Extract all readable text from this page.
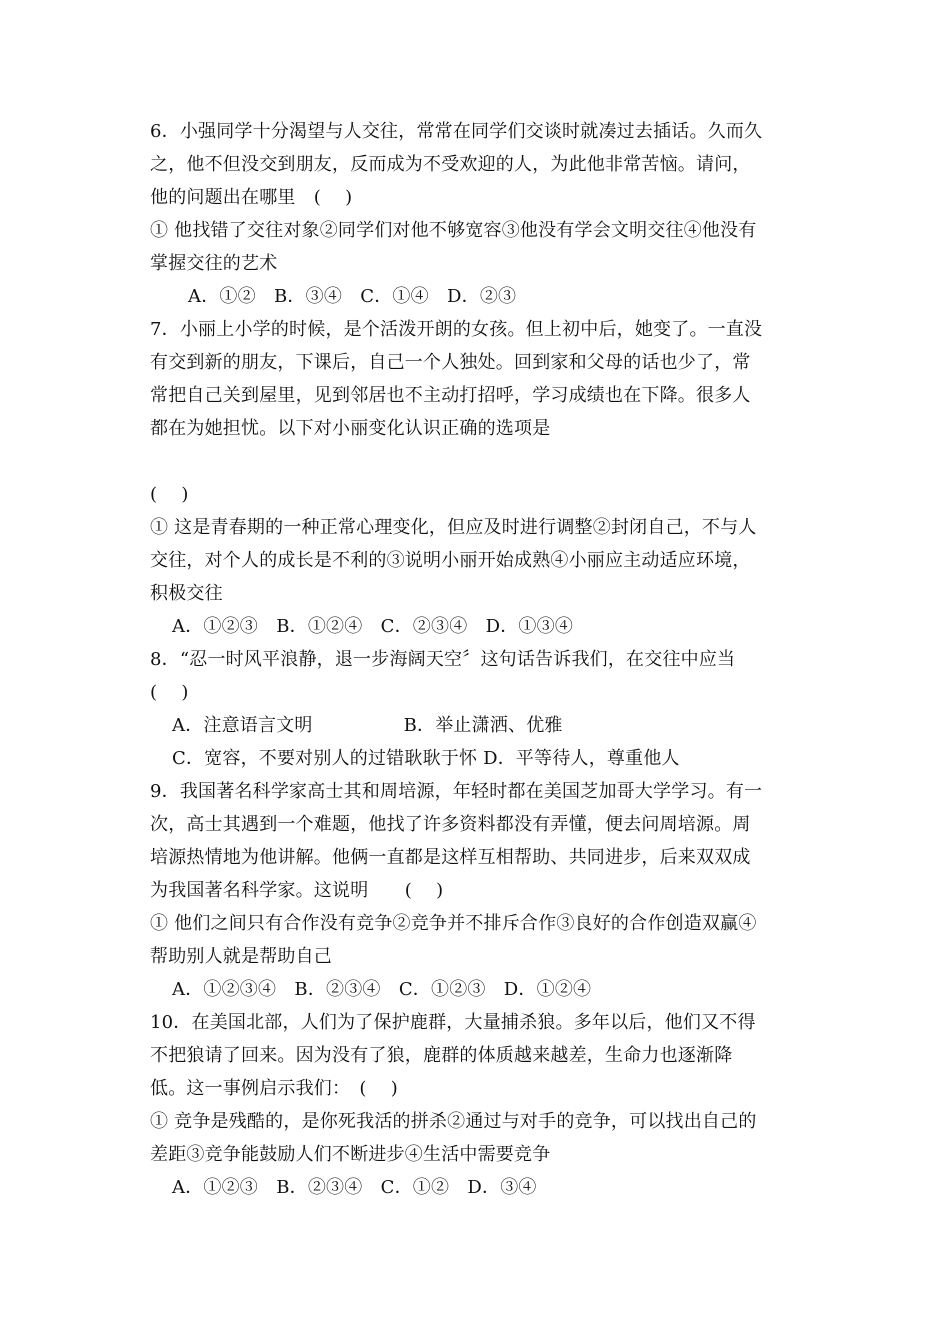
6．小强同学十分渴望与人交往，常常在同学们交谈时就凑过去插话。久而久
之，他不但没交到朋友，反而成为不受欢迎的人，为此他非常苦恼。请问，
他的问题出在哪里　( 　)
① 他找错了交往对象②同学们对他不够宽容③他没有学会文明交往④他没有
掌握交往的艺术
A．①②　B．③④　C．①④　D．②③
7．小丽上小学的时候，是个活泼开朗的女孩。但上初中后，她变了。一直没
有交到新的朋友，下课后，自己一个人独处。回到家和父母的话也少了，常
常把自己关到屋里，见到邻居也不主动打招呼，学习成绩也在下降。很多人
都在为她担忧。以下对小丽变化认识正确的选项是
( 　)
① 这是青春期的一种正常心理变化，但应及时进行调整②封闭自己，不与人
交往，对个人的成长是不利的③说明小丽开始成熟④小丽应主动适应环境，
积极交往
A．①②③　B．①②④　C．②③④　D．①③④
8．“忍一时风平浪静，退一步海阔天空〞这句话告诉我们，在交往中应当
( 　)
A．注意语言文明　　　　　B．举止潇洒、优雅
C．宽容，不要对别人的过错耿耿于怀 D．平等待人，尊重他人
9．我国著名科学家高士其和周培源，年轻时都在美国芝加哥大学学习。有一
次，高士其遇到一个难题，他找了许多资料都没有弄懂，便去问周培源。周
培源热情地为他讲解。他俩一直都是这样互相帮助、共同进步，后来双双成
为我国著名科学家。这说明　　( 　)
① 他们之间只有合作没有竞争②竞争并不排斥合作③良好的合作创造双赢④
帮助别人就是帮助自己
A．①②③④　B．②③④　C．①②③　D．①②④
10．在美国北部，人们为了保护鹿群，大量捕杀狼。多年以后，他们又不得
不把狼请了回来。因为没有了狼，鹿群的体质越来越差，生命力也逐渐降
低。这一事例启示我们：　( 　)
① 竞争是残酷的，是你死我活的拼杀②通过与对手的竞争，可以找出自己的
差距③竞争能鼓励人们不断进步④生活中需要竞争
A．①②③　B．②③④　C．①②　D．③④
